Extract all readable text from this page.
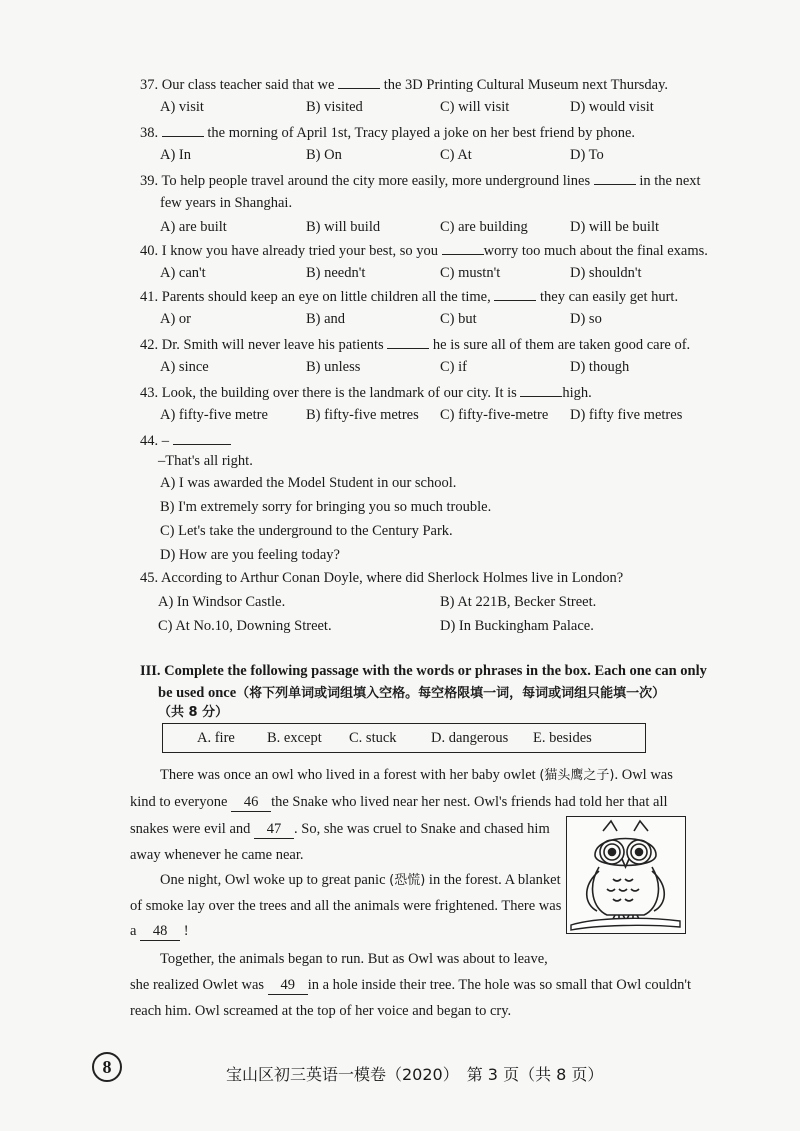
37. Our class teacher said that we	the 3D Printing Cultural Museum next Thursday.
A) visit	B) visited	C) will visit	D) would visit
38.	the morning of April 1st, Tracy played a joke on her best friend by phone.
A) In	B) On	C) At	D) To
39. To help people travel around the city more easily, more underground lines	in the next
few years in Shanghai.
A) are built	B) will build	C) are building	D) will be built
40. I know you have already tried your best, so you	worry too much about the final exams.
A) can't	B) needn't	C) mustn't	D) shouldn't
41. Parents should keep an eye on little children all the time,	they can easily get hurt.
A) or	B) and	C) but	D) so
42. Dr. Smith will never leave his patients	he is sure all of them are taken good care of.
A) since	B) unless	C) if	D) though
43. Look, the building over there is the landmark of our city. It is	high.
A) fifty-five metre	B) fifty-five metres C) fifty-five-metre D) fifty five metres
44. –
–That's all right.
A) I was awarded the Model Student in our school.
B) I'm extremely sorry for bringing you so much trouble.
C) Let's take the underground to the Century Park.
D) How are you feeling today?
45. According to Arthur Conan Doyle, where did Sherlock Holmes live in London?
A) In Windsor Castle.	B) At 221B, Becker Street.
C) At No.10, Downing Street.	D) In Buckingham Palace.
III. Complete the following passage with the words or phrases in the box. Each one can only
be used once（将下列单词或词组填入空格。每空格限填一词，每词或词组只能填一次）
（共 8 分）
A. fire B. except C. stuck D. dangerous E. besides
There was once an owl who lived in a forest with her baby owlet (猫头鹰之子). Owl was
kind to everyone 46 the Snake who lived near her nest. Owl's friends had told her that all
snakes were evil and 47 . So, she was cruel to Snake and chased him
away whenever he came near.
One night, Owl woke up to great panic (恐慌) in the forest. A blanket
of smoke lay over the trees and all the animals were frightened. There was
a 48 !
Together, the animals began to run. But as Owl was about to leave,
she realized Owlet was 49 in a hole inside their tree. The hole was so small that Owl couldn't
reach him. Owl screamed at the top of her voice and began to cry.
8	宝山区初三英语一模卷（2020）　第 3 页（共 8 页）
